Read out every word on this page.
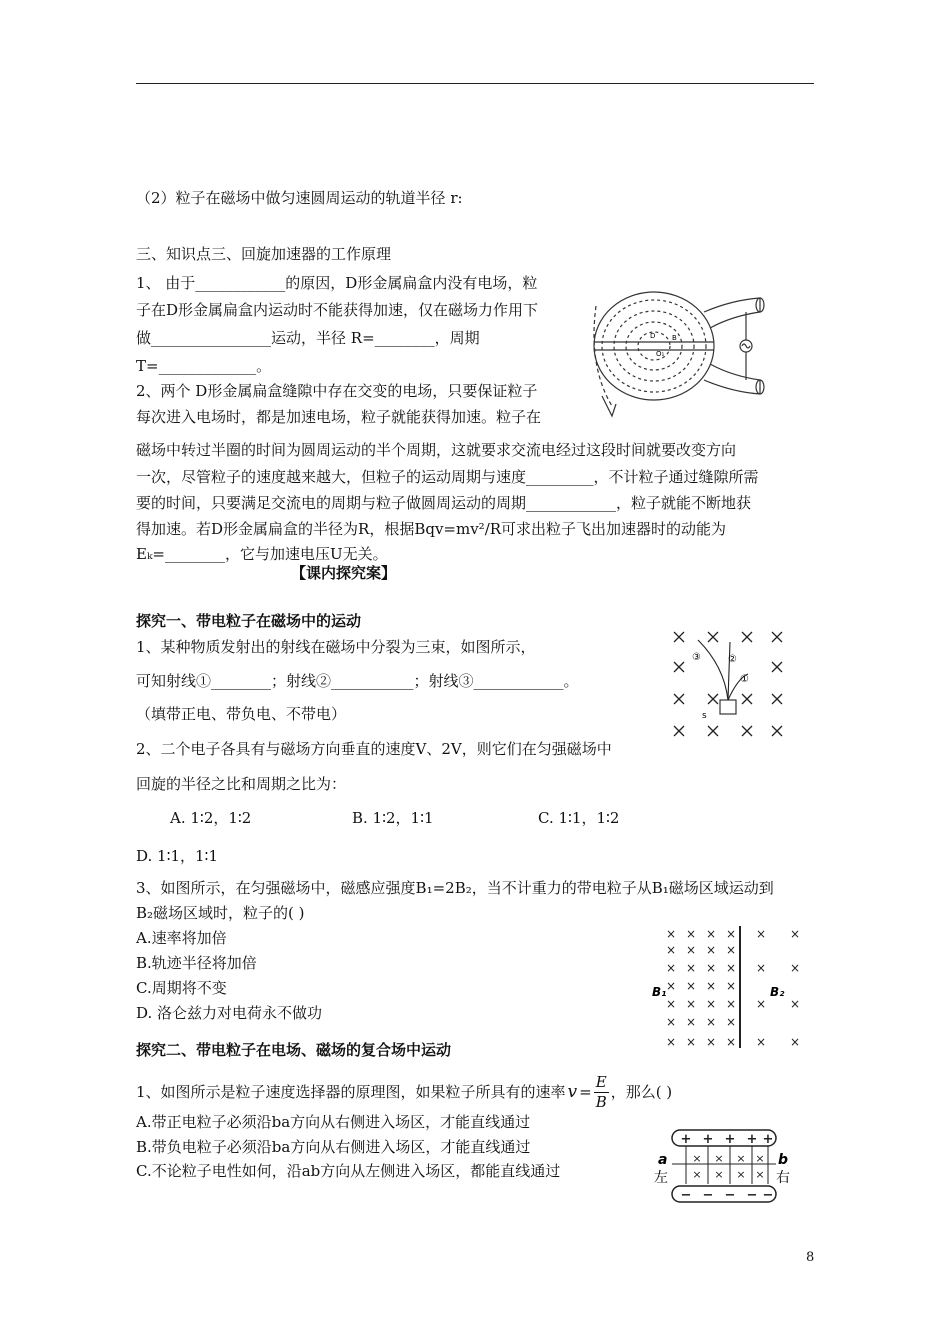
（2）粒子在磁场中做匀速圆周运动的轨道半径 r:
三、知识点三、回旋加速器的工作原理
1、 由于____________的原因，D形金属扁盒内没有电场，粒
子在D形金属扁盒内运动时不能获得加速，仅在磁场力作用下
做________________运动，半径 R=________，周期
T=_____________。
2、两个 D形金属扁盒缝隙中存在交变的电场，只要保证粒子
每次进入电场时，都是加速电场，粒子就能获得加速。粒子在
磁场中转过半圈的时间为圆周运动的半个周期，这就要求交流电经过这段时间就要改变方向
一次，尽管粒子的速度越来越大，但粒子的运动周期与速度_________，不计粒子通过缝隙所需
要的时间，只要满足交流电的周期与粒子做圆周运动的周期____________，粒子就能不断地获
得加速。若D形金属扁盒的半径为R，根据Bqv=mv²/R可求出粒子飞出加速器时的动能为
Eₖ=________，它与加速电压U无关。
D B
O₁
【课内探究案】
探究一、带电粒子在磁场中的运动
1、某种物质发射出的射线在磁场中分裂为三束，如图所示，
可知射线①________；射线②___________；射线③____________。
（填带正电、带负电、不带电）
③	②
①
s
2、二个电子各具有与磁场方向垂直的速度V、2V，则它们在匀强磁场中
回旋的半径之比和周期之比为：
A. 1∶2，1∶2	B. 1∶2，1∶1	C. 1∶1，1∶2
D. 1∶1，1∶1
3、如图所示，在匀强磁场中，磁感应强度B₁=2B₂，当不计重力的带电粒子从B₁磁场区域运动到
B₂磁场区域时，粒子的( )
A.速率将加倍
B.轨迹半径将加倍
C.周期将不变
D. 洛仑兹力对电荷永不做功
× × × × × ×
× × × ×
× × × × × ×
× × × ×
× × × × × ×
× × × ×
× × × × × ×
B₁	B₂
探究二、带电粒子在电场、磁场的复合场中运动
1、如图所示是粒子速度选择器的原理图，如果粒子所具有的速率 $v = \frac{E}{B}$ ，那么( )
A.带正电粒子必须沿ba方向从右侧进入场区，才能直线通过
B.带负电粒子必须沿ba方向从右侧进入场区，才能直线通过
C.不论粒子电性如何，沿ab方向从左侧进入场区，都能直线通过
+ + + + +
− − − − −
× × × ×
× × × ×
a	b
左	右
8
